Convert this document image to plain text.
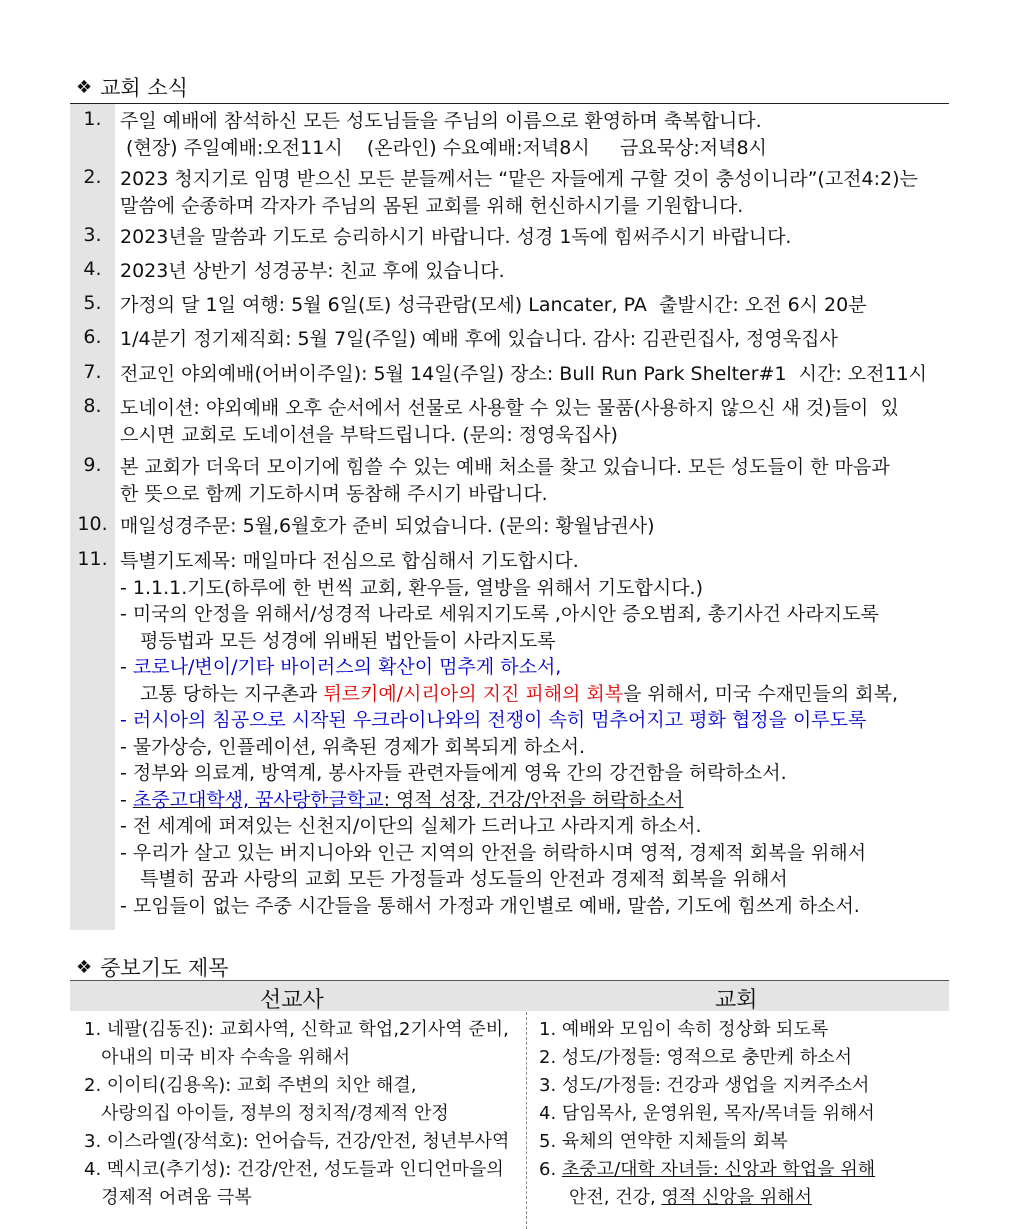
❖ 교회 소식
1. 주일 예배에 참석하신 모든 성도님들을 주님의 이름으로 환영하며 축복합니다.
(현장) 주일예배:오전11시    (온라인) 수요예배:저녁8시     금요묵상:저녁8시
2. 2023 청지기로 임명 받으신 모든 분들께서는 “맡은 자들에게 구할 것이 충성이니라”(고전4:2)는
말씀에 순종하며 각자가 주님의 몸된 교회를 위해 헌신하시기를 기원합니다.
3. 2023년을 말씀과 기도로 승리하시기 바랍니다. 성경 1독에 힘써주시기 바랍니다.
4. 2023년 상반기 성경공부: 친교 후에 있습니다.
5. 가정의 달 1일 여행: 5월 6일(토) 성극관람(모세) Lancater, PA  출발시간: 오전 6시 20분
6. 1/4분기 정기제직회: 5월 7일(주일) 예배 후에 있습니다. 감사: 김관린집사, 정영욱집사
7. 전교인 야외예배(어버이주일): 5월 14일(주일) 장소: Bull Run Park Shelter#1  시간: 오전11시
8. 도네이션: 야외예배 오후 순서에서 선물로 사용할 수 있는 물품(사용하지 않으신 새 것)들이  있
으시면 교회로 도네이션을 부탁드립니다. (문의: 정영욱집사)
9. 본 교회가 더욱더 모이기에 힘쓸 수 있는 예배 처소를 찾고 있습니다. 모든 성도들이 한 마음과
한 뜻으로 함께 기도하시며 동참해 주시기 바랍니다.
10. 매일성경주문: 5월,6월호가 준비 되었습니다. (문의: 황월남권사)
11. 특별기도제목: 매일마다 전심으로 합심해서 기도합시다.
- 1.1.1.기도(하루에 한 번씩 교회, 환우들, 열방을 위해서 기도합시다.)
- 미국의 안정을 위해서/성경적 나라로 세워지기도록 ,아시안 증오범죄, 총기사건 사라지도록
평등법과 모든 성경에 위배된 법안들이 사라지도록
- 코로나/변이/기타 바이러스의 확산이 멈추게 하소서,
고통 당하는 지구촌과 튀르키예/시리아의 지진 피해의 회복을 위해서, 미국 수재민들의 회복,
- 러시아의 침공으로 시작된 우크라이나와의 전쟁이 속히 멈추어지고 평화 협정을 이루도록
- 물가상승, 인플레이션, 위축된 경제가 회복되게 하소서.
- 정부와 의료계, 방역계, 봉사자들 관련자들에게 영육 간의 강건함을 허락하소서.
- 초중고대학생, 꿈사랑한글학교: 영적 성장, 건강/안전을 허락하소서
- 전 세계에 퍼져있는 신천지/이단의 실체가 드러나고 사라지게 하소서.
- 우리가 살고 있는 버지니아와 인근 지역의 안전을 허락하시며 영적, 경제적 회복을 위해서
특별히 꿈과 사랑의 교회 모든 가정들과 성도들의 안전과 경제적 회복을 위해서
- 모임들이 없는 주중 시간들을 통해서 가정과 개인별로 예배, 말씀, 기도에 힘쓰게 하소서.
❖ 중보기도 제목
선교사	교회
1. 네팔(김동진): 교회사역, 신학교 학업,2기사역 준비,
아내의 미국 비자 수속을 위해서
2. 이이티(김용옥): 교회 주변의 치안 해결,
사랑의집 아이들, 정부의 정치적/경제적 안정
3. 이스라엘(장석호): 언어습득, 건강/안전, 청년부사역
4. 멕시코(추기성): 건강/안전, 성도들과 인디언마을의
경제적 어려움 극복
1. 예배와 모임이 속히 정상화 되도록
2. 성도/가정들: 영적으로 충만케 하소서
3. 성도/가정들: 건강과 생업을 지켜주소서
4. 담임목사, 운영위원, 목자/목녀들 위해서
5. 육체의 연약한 지체들의 회복
6. 초중고/대학 자녀들: 신앙과 학업을 위해
안전, 건강, 영적 신앙을 위해서
